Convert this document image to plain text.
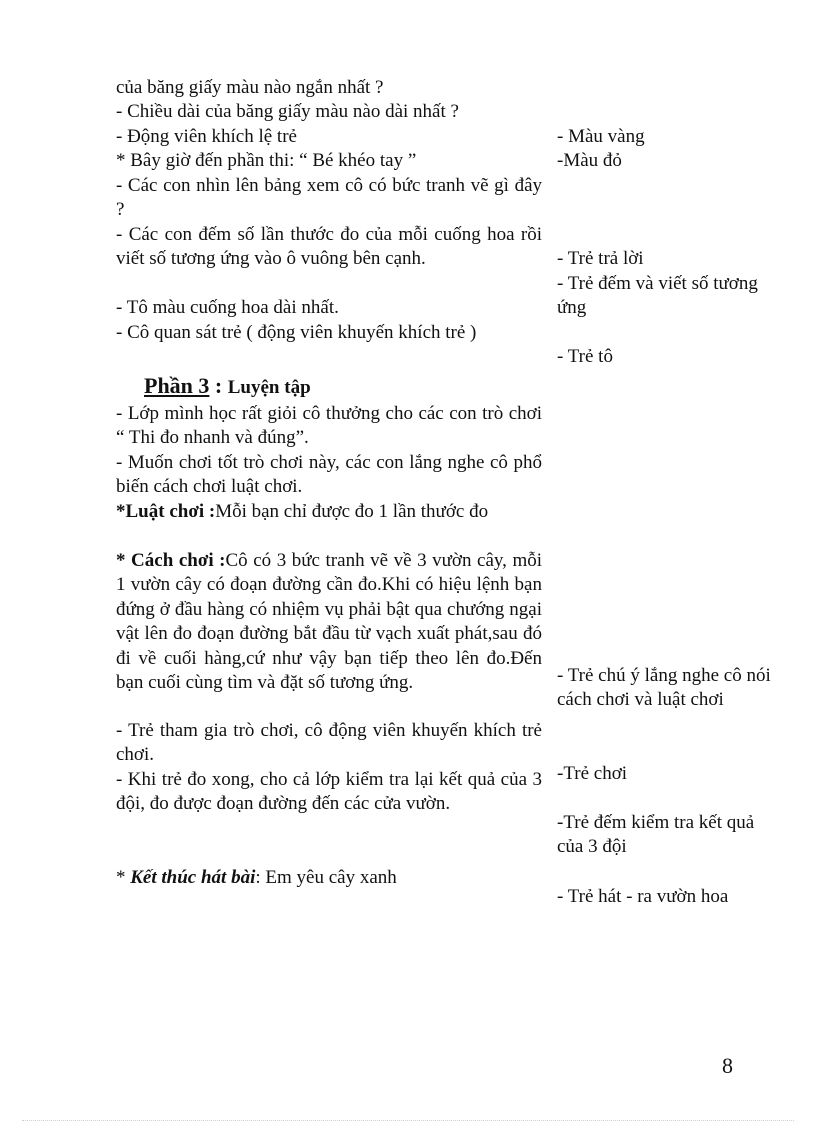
của băng giấy màu nào ngắn nhất ?

- Chiều dài của băng giấy màu nào dài nhất ?

- Động viên khích lệ trẻ

* Bây giờ đến phần thi: “ Bé khéo tay ”

- Các con nhìn lên bảng xem cô có bức tranh vẽ gì đây ?

- Các con đếm số lần thước đo của mỗi cuống hoa rồi viết số tương ứng vào ô vuông bên cạnh.

- Tô màu cuống hoa dài nhất.

- Cô quan sát trẻ ( động viên khuyến khích trẻ )

Phần 3 : Luyện tập

- Lớp mình học rất giỏi cô thưởng cho các con trò chơi “ Thi đo nhanh và đúng”.

- Muốn chơi tốt trò chơi này, các con lắng nghe cô phổ biến cách chơi luật chơi.

*Luật chơi :Mỗi bạn chỉ được đo 1 lần thước đo

* Cách chơi :Cô có 3 bức tranh vẽ về 3 vườn cây, mỗi 1 vườn cây có đoạn đường cần đo.Khi có hiệu lệnh bạn đứng ở đầu hàng có nhiệm vụ phải bật qua chướng ngại vật lên đo đoạn đường bắt đầu từ vạch xuất phát,sau đó đi về cuối hàng,cứ như vậy bạn tiếp theo lên đo.Đến bạn cuối cùng tìm và đặt số tương ứng.

- Trẻ tham gia trò chơi, cô động viên khuyến khích trẻ chơi.

- Khi trẻ đo xong, cho cả lớp kiểm tra lại kết quả của 3 đội, đo được đoạn đường đến các cửa vườn.

* Kết thúc hát bài: Em yêu cây xanh

- Màu vàng

-Màu đỏ

- Trẻ trả lời

- Trẻ đếm và viết số tương ứng

- Trẻ tô

- Trẻ chú ý lắng nghe cô nói cách chơi và luật chơi

-Trẻ chơi

-Trẻ đếm kiểm tra kết quả của 3 đội

- Trẻ hát - ra vườn hoa

8
